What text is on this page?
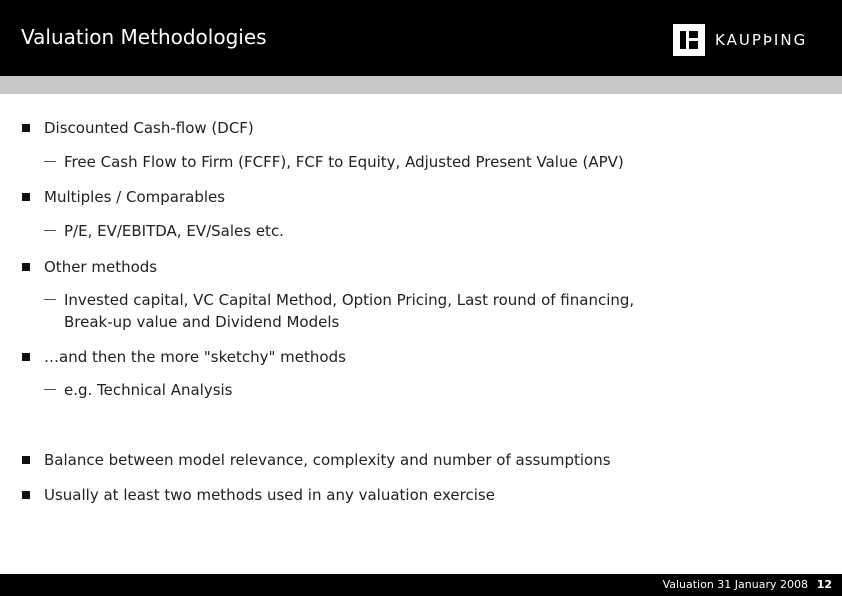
Valuation Methodologies	KAUPÞING
Discounted Cash-flow (DCF)
Free Cash Flow to Firm (FCFF), FCF to Equity, Adjusted Present Value (APV)
Multiples / Comparables
P/E, EV/EBITDA, EV/Sales etc.
Other methods
Invested capital, VC Capital Method, Option Pricing, Last round of financing,
Break-up value and Dividend Models
…and then the more "sketchy" methods
e.g. Technical Analysis
Balance between model relevance, complexity and number of assumptions
Usually at least two methods used in any valuation exercise
Valuation 31 January 2008 12
